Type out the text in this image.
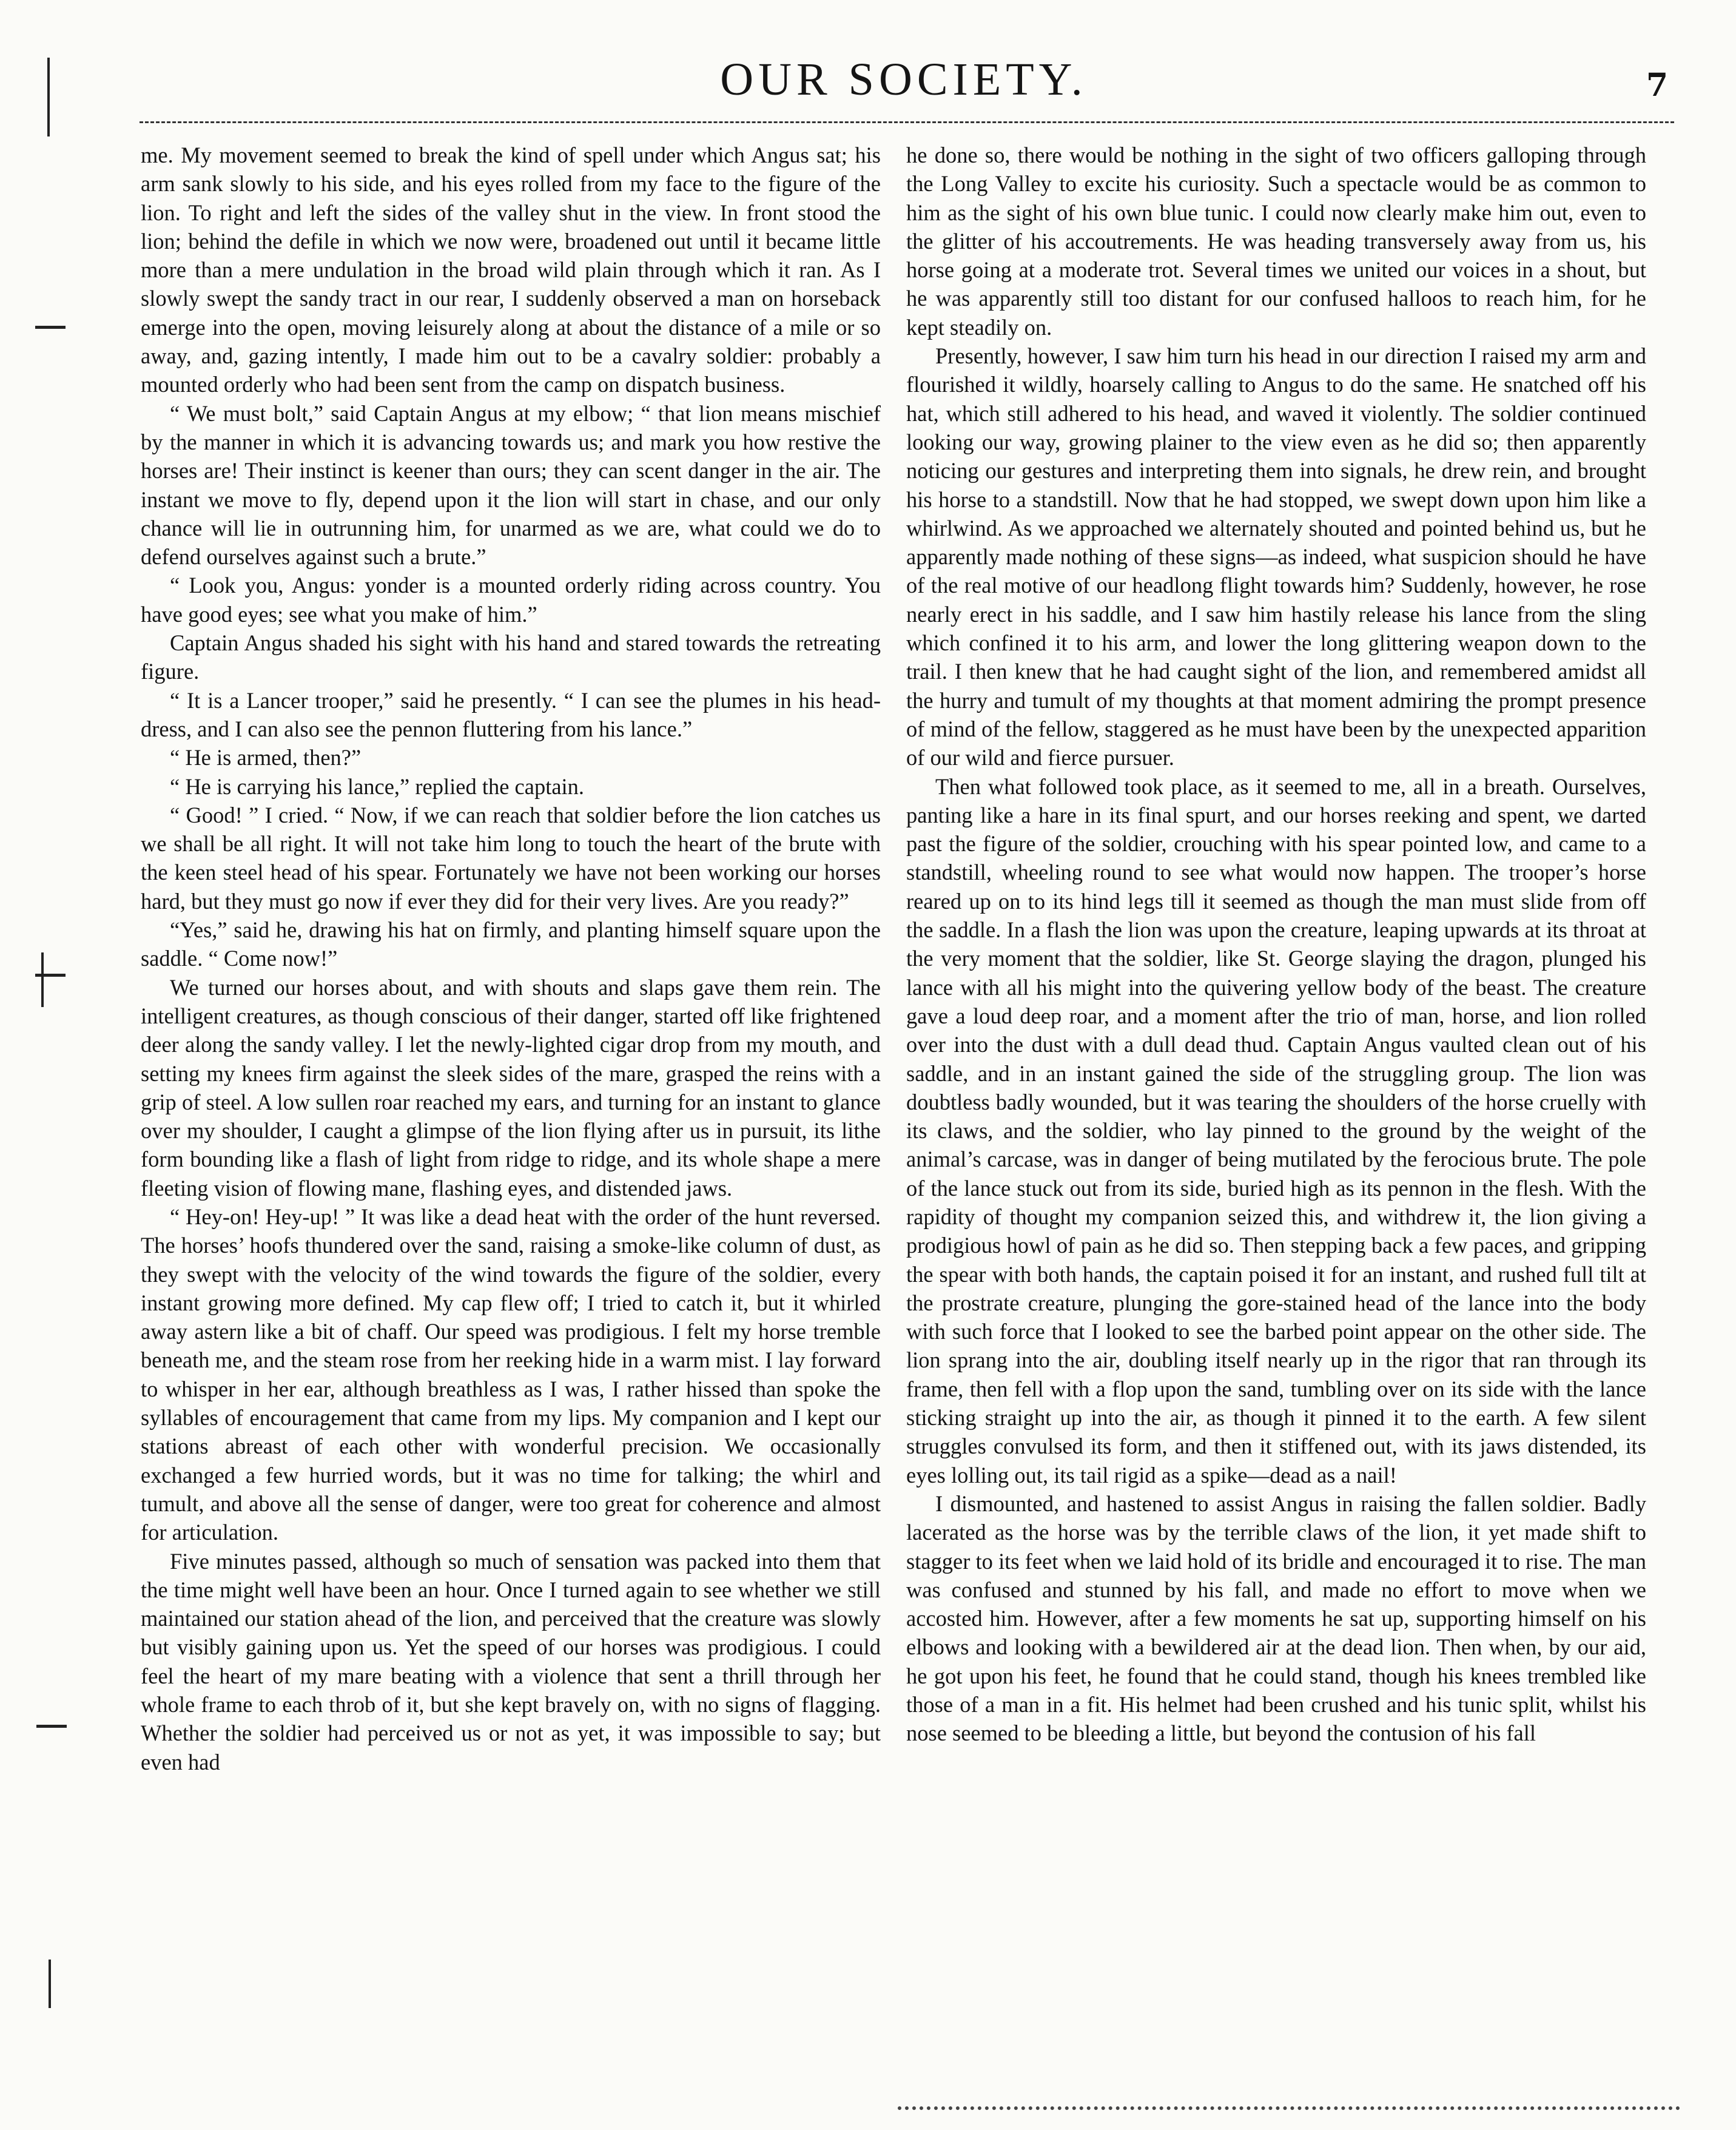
OUR SOCIETY.	7

me. My movement seemed to break the kind of spell under which Angus sat; his arm sank slowly to his side, and his eyes rolled from my face to the figure of the lion. To right and left the sides of the valley shut in the view. In front stood the lion; behind the defile in which we now were, broadened out until it became little more than a mere undulation in the broad wild plain through which it ran. As I slowly swept the sandy tract in our rear, I suddenly observed a man on horseback emerge into the open, moving leisurely along at about the distance of a mile or so away, and, gazing intently, I made him out to be a cavalry soldier: probably a mounted orderly who had been sent from the camp on dispatch business.

“ We must bolt,” said Captain Angus at my elbow; “ that lion means mischief by the manner in which it is advancing towards us; and mark you how restive the horses are! Their instinct is keener than ours; they can scent danger in the air. The instant we move to fly, depend upon it the lion will start in chase, and our only chance will lie in outrunning him, for unarmed as we are, what could we do to defend ourselves against such a brute.”

“ Look you, Angus: yonder is a mounted orderly riding across country. You have good eyes; see what you make of him.”

Captain Angus shaded his sight with his hand and stared towards the retreating figure.

“ It is a Lancer trooper,” said he presently. “ I can see the plumes in his head-dress, and I can also see the pennon fluttering from his lance.”

“ He is armed, then?”

“ He is carrying his lance,” replied the captain.

“ Good! ” I cried. “ Now, if we can reach that soldier before the lion catches us we shall be all right. It will not take him long to touch the heart of the brute with the keen steel head of his spear. Fortunately we have not been working our horses hard, but they must go now if ever they did for their very lives. Are you ready?”

“Yes,” said he, drawing his hat on firmly, and planting himself square upon the saddle. “ Come now!”

We turned our horses about, and with shouts and slaps gave them rein. The intelligent creatures, as though conscious of their danger, started off like frightened deer along the sandy valley. I let the newly-lighted cigar drop from my mouth, and setting my knees firm against the sleek sides of the mare, grasped the reins with a grip of steel. A low sullen roar reached my ears, and turning for an instant to glance over my shoulder, I caught a glimpse of the lion flying after us in pursuit, its lithe form bounding like a flash of light from ridge to ridge, and its whole shape a mere fleeting vision of flowing mane, flashing eyes, and distended jaws.

“ Hey-on! Hey-up! ” It was like a dead heat with the order of the hunt reversed. The horses’ hoofs thundered over the sand, raising a smoke-like column of dust, as they swept with the velocity of the wind towards the figure of the soldier, every instant growing more defined. My cap flew off; I tried to catch it, but it whirled away astern like a bit of chaff. Our speed was prodigious. I felt my horse tremble beneath me, and the steam rose from her reeking hide in a warm mist. I lay forward to whisper in her ear, although breathless as I was, I rather hissed than spoke the syllables of encouragement that came from my lips. My companion and I kept our stations abreast of each other with wonderful precision. We occasionally exchanged a few hurried words, but it was no time for talking; the whirl and tumult, and above all the sense of danger, were too great for coherence and almost for articulation.

Five minutes passed, although so much of sensation was packed into them that the time might well have been an hour. Once I turned again to see whether we still maintained our station ahead of the lion, and perceived that the creature was slowly but visibly gaining upon us. Yet the speed of our horses was prodigious. I could feel the heart of my mare beating with a violence that sent a thrill through her whole frame to each throb of it, but she kept bravely on, with no signs of flagging. Whether the soldier had perceived us or not as yet, it was impossible to say; but even had

he done so, there would be nothing in the sight of two officers galloping through the Long Valley to excite his curiosity. Such a spectacle would be as common to him as the sight of his own blue tunic. I could now clearly make him out, even to the glitter of his accoutrements. He was heading transversely away from us, his horse going at a moderate trot. Several times we united our voices in a shout, but he was apparently still too distant for our confused halloos to reach him, for he kept steadily on.

Presently, however, I saw him turn his head in our direction I raised my arm and flourished it wildly, hoarsely calling to Angus to do the same. He snatched off his hat, which still adhered to his head, and waved it violently. The soldier continued looking our way, growing plainer to the view even as he did so; then apparently noticing our gestures and interpreting them into signals, he drew rein, and brought his horse to a standstill. Now that he had stopped, we swept down upon him like a whirlwind. As we approached we alternately shouted and pointed behind us, but he apparently made nothing of these signs—as indeed, what suspicion should he have of the real motive of our headlong flight towards him? Suddenly, however, he rose nearly erect in his saddle, and I saw him hastily release his lance from the sling which confined it to his arm, and lower the long glittering weapon down to the trail. I then knew that he had caught sight of the lion, and remembered amidst all the hurry and tumult of my thoughts at that moment admiring the prompt presence of mind of the fellow, staggered as he must have been by the unexpected apparition of our wild and fierce pursuer.

Then what followed took place, as it seemed to me, all in a breath. Ourselves, panting like a hare in its final spurt, and our horses reeking and spent, we darted past the figure of the soldier, crouching with his spear pointed low, and came to a standstill, wheeling round to see what would now happen. The trooper’s horse reared up on to its hind legs till it seemed as though the man must slide from off the saddle. In a flash the lion was upon the creature, leaping upwards at its throat at the very moment that the soldier, like St. George slaying the dragon, plunged his lance with all his might into the quivering yellow body of the beast. The creature gave a loud deep roar, and a moment after the trio of man, horse, and lion rolled over into the dust with a dull dead thud. Captain Angus vaulted clean out of his saddle, and in an instant gained the side of the struggling group. The lion was doubtless badly wounded, but it was tearing the shoulders of the horse cruelly with its claws, and the soldier, who lay pinned to the ground by the weight of the animal’s carcase, was in danger of being mutilated by the ferocious brute. The pole of the lance stuck out from its side, buried high as its pennon in the flesh. With the rapidity of thought my companion seized this, and withdrew it, the lion giving a prodigious howl of pain as he did so. Then stepping back a few paces, and gripping the spear with both hands, the captain poised it for an instant, and rushed full tilt at the prostrate creature, plunging the gore-stained head of the lance into the body with such force that I looked to see the barbed point appear on the other side. The lion sprang into the air, doubling itself nearly up in the rigor that ran through its frame, then fell with a flop upon the sand, tumbling over on its side with the lance sticking straight up into the air, as though it pinned it to the earth. A few silent struggles convulsed its form, and then it stiffened out, with its jaws distended, its eyes lolling out, its tail rigid as a spike—dead as a nail!

I dismounted, and hastened to assist Angus in raising the fallen soldier. Badly lacerated as the horse was by the terrible claws of the lion, it yet made shift to stagger to its feet when we laid hold of its bridle and encouraged it to rise. The man was confused and stunned by his fall, and made no effort to move when we accosted him. However, after a few moments he sat up, supporting himself on his elbows and looking with a bewildered air at the dead lion. Then when, by our aid, he got upon his feet, he found that he could stand, though his knees trembled like those of a man in a fit. His helmet had been crushed and his tunic split, whilst his nose seemed to be bleeding a little, but beyond the contusion of his fall
